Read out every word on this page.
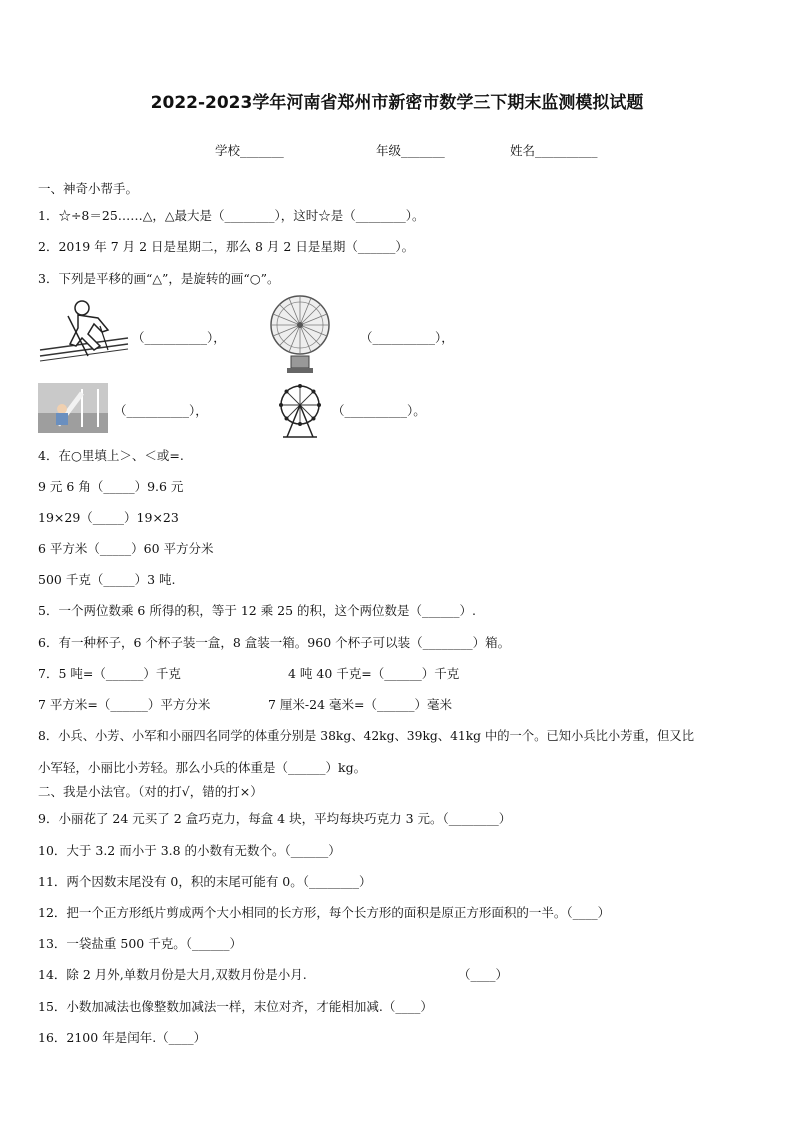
2022-2023学年河南省郑州市新密市数学三下期末监测模拟试题
学校_______	年级_______	姓名__________
一、神奇小帮手。
1．☆÷8＝25……△，△最大是（________），这时☆是（________）。
2．2019 年 7 月 2 日是星期二，那么 8 月 2 日是星期（______）。
3．下列是平移的画“△”，是旋转的画“○”。
（__________），	（__________），
（__________），	（__________）。
4．在○里填上＞、＜或=.
9 元 6 角（_____）9.6 元
19×29（_____）19×23
6 平方米（_____）60 平方分米
500 千克（_____）3 吨.
5．一个两位数乘 6 所得的积，等于 12 乘 25 的积，这个两位数是（______）.
6．有一种杯子，6 个杯子装一盒，8 盒装一箱。960 个杯子可以装（________）箱。
7．5 吨=（______）千克	4 吨 40 千克=（______）千克
7 平方米=（______）平方分米	7 厘米-24 毫米=（______）毫米
8．小兵、小芳、小军和小丽四名同学的体重分别是 38kg、42kg、39kg、41kg 中的一个。已知小兵比小芳重，但又比
小军轻，小丽比小芳轻。那么小兵的体重是（______）kg。
二、我是小法官。（对的打√，错的打×）
9．小丽花了 24 元买了 2 盒巧克力，每盒 4 块，平均每块巧克力 3 元。（________）
10．大于 3.2 而小于 3.8 的小数有无数个。（______）
11．两个因数末尾没有 0，积的末尾可能有 0。（________）
12．把一个正方形纸片剪成两个大小相同的长方形，每个长方形的面积是原正方形面积的一半。（____）
13．一袋盐重 500 千克。（______）
14．除 2 月外,单数月份是大月,双数月份是小月.	（____）
15．小数加减法也像整数加减法一样，末位对齐，才能相加减.（____）
16．2100 年是闰年.（____）
